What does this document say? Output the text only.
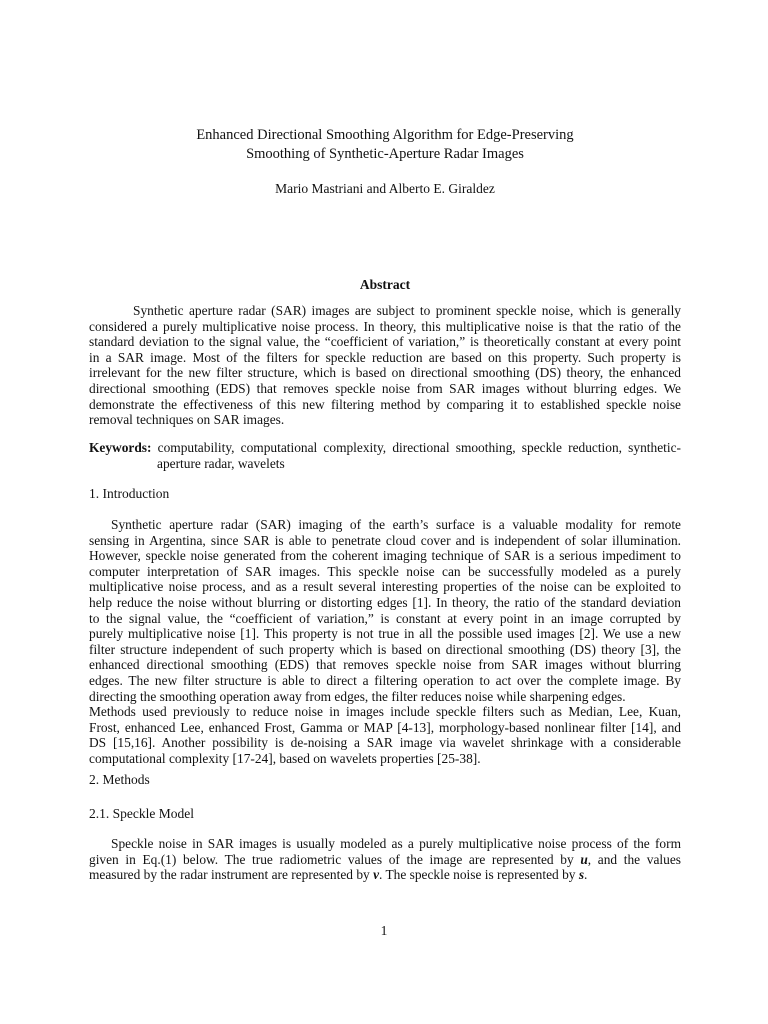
Enhanced Directional Smoothing Algorithm for Edge-Preserving
Smoothing of Synthetic-Aperture Radar Images
Mario Mastriani and Alberto E. Giraldez
Abstract
Synthetic aperture radar (SAR) images are subject to prominent speckle noise, which is generally
considered a purely multiplicative noise process. In theory, this multiplicative noise is that the ratio of the
standard deviation to the signal value, the “coefficient of variation,” is theoretically constant at every point
in a SAR image. Most of the filters for speckle reduction are based on this property. Such property is
irrelevant for the new filter structure, which is based on directional smoothing (DS) theory, the enhanced
directional smoothing (EDS) that removes speckle noise from SAR images without blurring edges. We
demonstrate the effectiveness of this new filtering method by comparing it to established speckle noise
removal techniques on SAR images.
Keywords: computability, computational complexity, directional smoothing, speckle reduction, synthetic-
aperture radar, wavelets
1. Introduction
Synthetic aperture radar (SAR) imaging of the earth’s surface is a valuable modality for remote
sensing in Argentina, since SAR is able to penetrate cloud cover and is independent of solar illumination.
However, speckle noise generated from the coherent imaging technique of SAR is a serious impediment to
computer interpretation of SAR images. This speckle noise can be successfully modeled as a purely
multiplicative noise process, and as a result several interesting properties of the noise can be exploited to
help reduce the noise without blurring or distorting edges [1]. In theory, the ratio of the standard deviation
to the signal value, the “coefficient of variation,” is constant at every point in an image corrupted by
purely multiplicative noise [1]. This property is not true in all the possible used images [2]. We use a new
filter structure independent of such property which is based on directional smoothing (DS) theory [3], the
enhanced directional smoothing (EDS) that removes speckle noise from SAR images without blurring
edges. The new filter structure is able to direct a filtering operation to act over the complete image. By
directing the smoothing operation away from edges, the filter reduces noise while sharpening edges.
Methods used previously to reduce noise in images include speckle filters such as Median, Lee, Kuan,
Frost, enhanced Lee, enhanced Frost, Gamma or MAP [4-13], morphology-based nonlinear filter [14], and
DS [15,16]. Another possibility is de-noising a SAR image via wavelet shrinkage with a considerable
computational complexity [17-24], based on wavelets properties [25-38].
2. Methods
2.1. Speckle Model
Speckle noise in SAR images is usually modeled as a purely multiplicative noise process of the form
given in Eq.(1) below. The true radiometric values of the image are represented by u, and the values
measured by the radar instrument are represented by v. The speckle noise is represented by s.
1
